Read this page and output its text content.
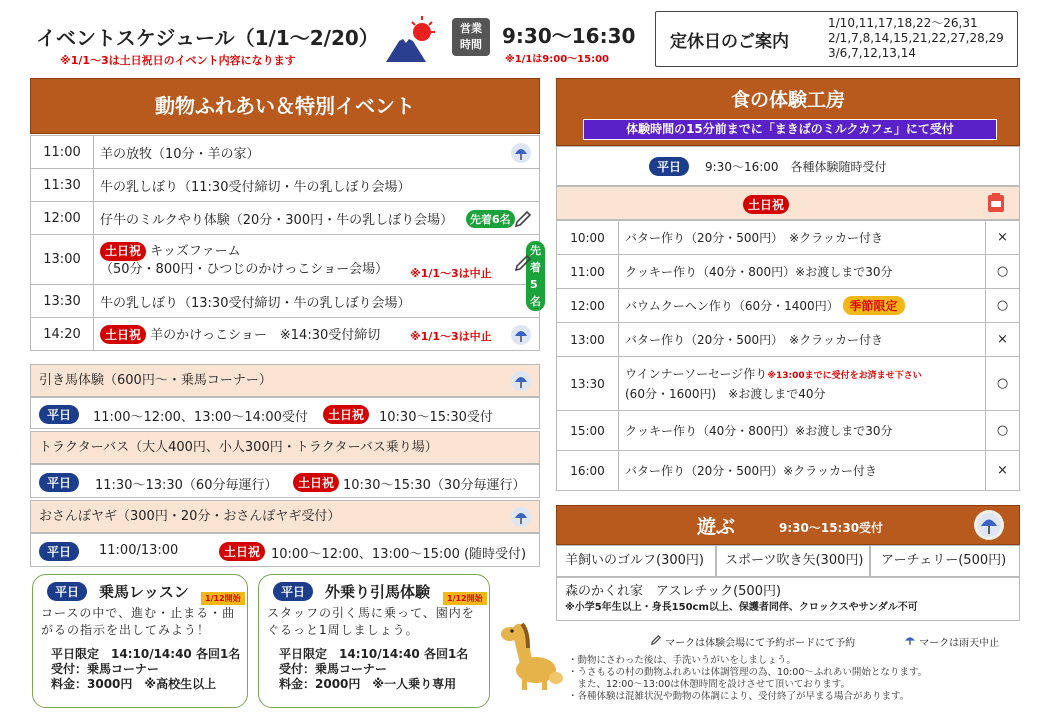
イベントスケジュール（1/1～2/20）
※1/1～3は土日祝日のイベント内容になります
営業
時間	9:30～16:30
※1/1は9:00～15:00
定休日のご案内
1/10,11,17,18,22～26,31
2/1,7,8,14,15,21,22,27,28,29
3/6,7,12,13,14
動物ふれあい＆特別イベント
11:00	羊の放牧（10分・羊の家）

11:30	牛の乳しぼり（11:30受付締切・牛の乳しぼり会場）
12:00	仔牛のミルクやり体験（20分・300円・牛の乳しぼり会場） 先着6名

13:00	土日祝 キッズファーム
（50分・800円・ひつじのかけっこショー会場）
先着5名
※1/1～3は中止

13:30	牛の乳しぼり（13:30受付締切・牛の乳しぼり会場）
14:20	土日祝 羊のかけっこショー　※14:30受付締切 ※1/1～3は中止
引き馬体験（600円～・乗馬コーナー）
平日	11:00～12:00、13:00～14:00受付	土日祝	10:30～15:30受付
トラクターバス（大人400円、小人300円・トラクターバス乗り場）
平日	11:30～13:30（60分毎運行）	土日祝 10:30～15:30（30分毎運行）
おさんぽヤギ（300円・20分・おさんぽヤギ受付）
平日	11:00/13:00	土日祝 10:00～12:00、13:00～15:00 (随時受付)
平日	乗馬レッスン	1/12開始
コースの中で、進む・止まる・曲
がるの指示を出してみよう！
平日限定　14:10/14:40 各回1名
受付：乗馬コーナー
料金：3000円　※高校生以上
平日	外乗り引馬体験	1/12開始
スタッフの引く馬に乗って、園内を
ぐるっと1周しましょう。
平日限定　14:10/14:40 各回1名
受付：乗馬コーナー
料金：2000円　※一人乗り専用
食の体験工房
体験時間の15分前までに「まきばのミルクカフェ」にて受付
平日	9:30～16:00　各種体験随時受付
土日祝
10:00	バター作り（20分・500円）　※クラッカー付き	×
11:00	クッキー作り（40分・800円）※お渡しまで30分	○
12:00	バウムクーヘン作り（60分・1400円） 季節限定	○
13:00	バター作り（20分・500円）　※クラッカー付き	×
13:30	ウインナーソーセージ作り※13:00までに受付をお済ませ下さい
(60分・1600円)　※お渡しまで40分	○
15:00	クッキー作り（40分・800円）※お渡しまで30分	○
16:00	バター作り（20分・500円）※クラッカー付き	×
遊ぶ	9:30～15:30受付
羊飼いのゴルフ(300円)	スポーツ吹き矢(300円)	アーチェリー(500円)
森のかくれ家　アスレチック(500円)
※小学5年生以上・身長150cm以上、保護者同伴、クロックスやサンダル不可
マークは体験会場にて予約ボードにて予約	マークは雨天中止
・動物にさわった後は、手洗いうがいをしましょう。
・うさもるの村の動物ふれあいは体調管理の為、10:00～ふれあい開始となります。
　また、12:00～13:00は休憩時間を設けさせて頂いております。
・各種体験は混雑状況や動物の体調により、受付終了が早まる場合があります。
